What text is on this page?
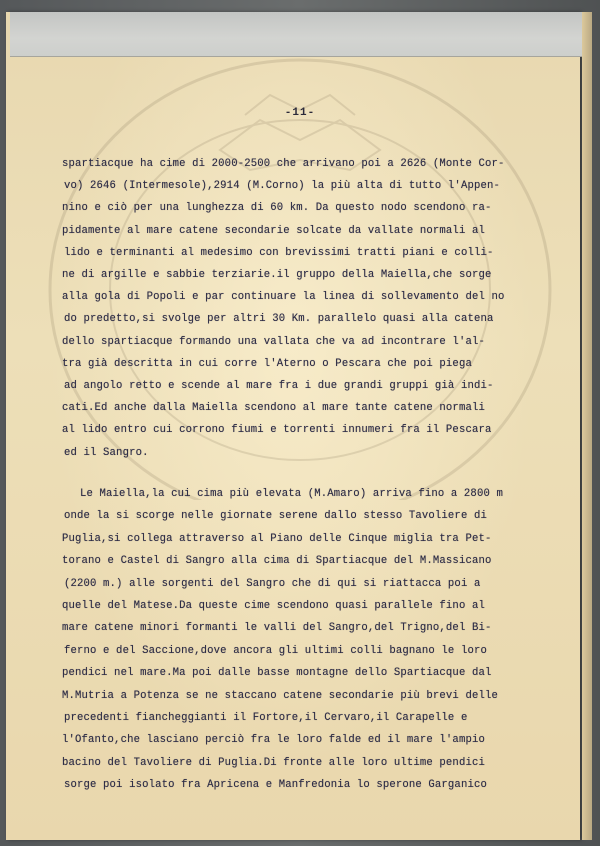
-11-
spartiacque ha cime di 2000-2500 che arrivano poi a 2626 (Monte Cor-
vo) 2646 (Intermesole),2914 (M.Corno) la più alta di tutto l'Appen-
nino e ciò per una lunghezza di 60 km. Da questo nodo scendono ra-
pidamente al mare catene secondarie solcate da vallate normali al
lido e terminanti al medesimo con brevissimi tratti piani e colli-
ne di argille e sabbie terziarie.il gruppo della Maiella,che sorge
alla gola di Popoli e par continuare la linea di sollevamento del no
do predetto,si svolge per altri 30 Km. parallelo quasi alla catena
dello spartiacque formando una vallata che va ad incontrare l'al-
tra già descritta in cui corre l'Aterno o Pescara che poi piega
ad angolo retto e scende al mare fra i due grandi gruppi già indi-
cati.Ed anche dalla Maiella scendono al mare tante catene normali
al lido entro cui corrono fiumi e torrenti innumeri fra il Pescara
ed il Sangro.
Le Maiella,la cui cima più elevata (M.Amaro) arriva fino a 2800 m
onde la si scorge nelle giornate serene dallo stesso Tavoliere di
Puglia,si collega attraverso al Piano delle Cinque miglia tra Pet-
torano e Castel di Sangro alla cima di Spartiacque del M.Massicano
(2200 m.) alle sorgenti del Sangro che di qui si riattacca poi a
quelle del Matese.Da queste cime scendono quasi parallele fino al
mare catene minori formanti le valli del Sangro,del Trigno,del Bi-
ferno e del Saccione,dove ancora gli ultimi colli bagnano le loro
pendici nel mare.Ma poi dalle basse montagne dello Spartiacque dal
M.Mutria a Potenza se ne staccano catene secondarie più brevi delle
precedenti fiancheggianti il Fortore,il Cervaro,il Carapelle e
l'Ofanto,che lasciano perciò fra le loro falde ed il mare l'ampio
bacino del Tavoliere di Puglia.Di fronte alle loro ultime pendici
sorge poi isolato fra Apricena e Manfredonia lo sperone Garganico
